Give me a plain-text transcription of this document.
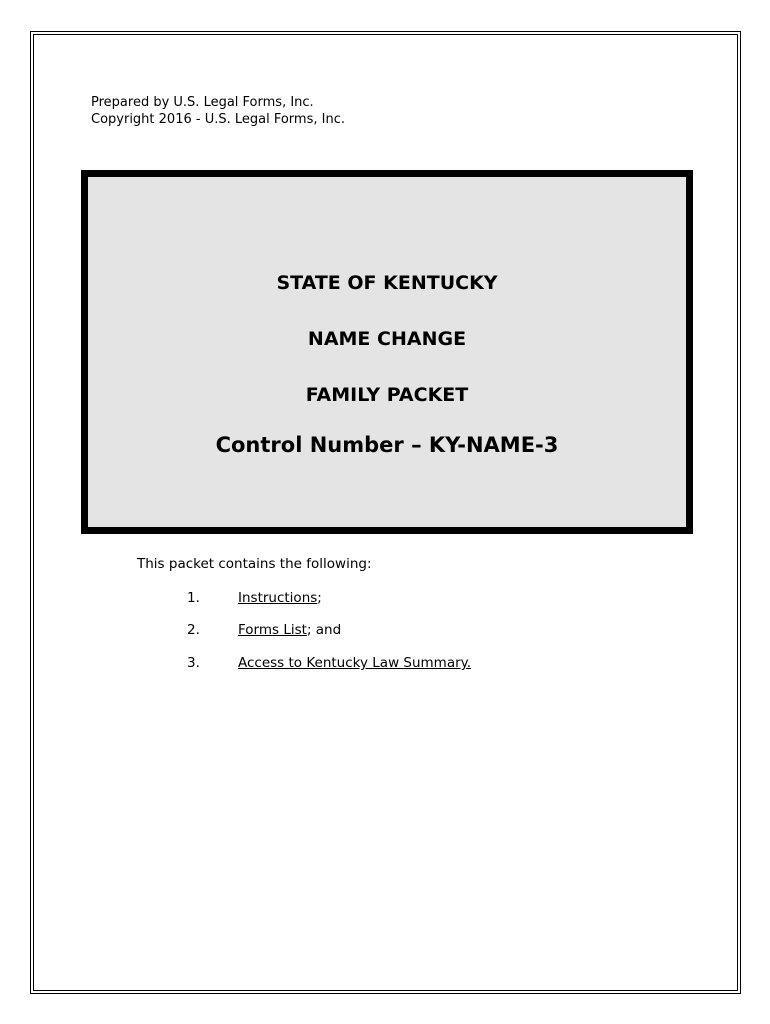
Prepared by U.S. Legal Forms, Inc.
Copyright 2016 - U.S. Legal Forms, Inc.
STATE OF KENTUCKY
NAME CHANGE
FAMILY PACKET
Control Number – KY-NAME-3
This packet contains the following:
1.	Instructions;
2.	Forms List; and
3.	Access to Kentucky Law Summary.
